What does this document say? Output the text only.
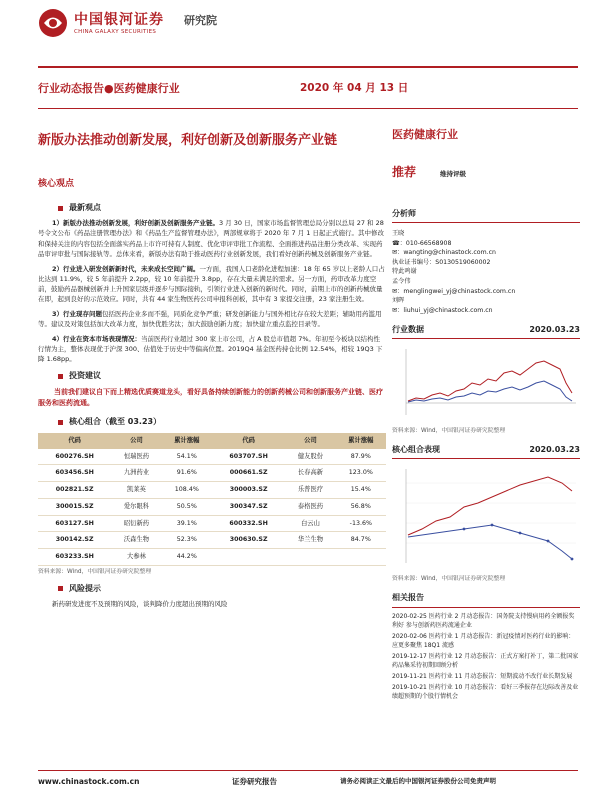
中国银河证券
CHINA GALAXY SECURITIES
研究院
行业动态报告●医药健康行业	2020 年 04 月 13 日
新版办法推动创新发展，利好创新及创新服务产业链
核心观点
最新观点
1）新版办法推动创新发展，利好创新及创新服务产业链。3 月 30 日，国家市场监督管理总局分别以总局 27 和 28 号令文公布《药品注册管理办法》和《药品生产监督管理办法》，两部规章将于 2020 年 7 月 1 日起正式施行。其中修改和保持关注的内容包括全面落实药品上市许可持有人制度、优化审评审批工作流程、全面推进药品注册分类改革、实现药品审评审批与国际接轨等。总体来看，新版办法有助于推动医药行业创新发展，我们看好创新药械及创新服务产业链。
2）行业进入研发创新新时代，未来成长空间广阔。一方面，我国人口老龄化进程加速：18 年 65 岁以上老龄人口占比达到 11.9%，较 5 年前提升 2.2pp，较 10 年前提升 3.8pp，存在大量未满足的需求。另一方面，药审改革力度空前，鼓励药品器械创新并上升国家层级并逐步与国际接轨，引领行业进入创新的新时代。同时，前期上市的创新药械放量在即，起到良好的示范效应。同时，共有 44 家生物医药公司申报科创板，其中有 3 家提交注册，23 家注册生效。
3）行业现存问题包括医药企业多而不强，同质化竞争严重；研发创新能力与国外相比存在较大差距；辅助用药滥用等。建议及对策包括加大改革力度，加快优胜劣汰；加大鼓励创新力度；加快建立重点监控目录等。
4）行业在资本市场表现情况：当前医药行业超过 300 家上市公司，占 A 股总市值超 7%。年初至今板块以结构性行情为主，整体表现优于沪深 300、估值处于历史中等偏高位置。2019Q4 基金医药持仓比例 12.54%，相较 19Q3 下降 1.68pp。
投资建议
当前我们建议自下而上精选优质赛道龙头，看好具备持续创新能力的创新药械公司和创新服务产业链、医疗服务和医药流通。
核心组合（截至 03.23）
代码	公司	累计涨幅	代码	公司	累计涨幅
600276.SH	恒瑞医药	54.1%	603707.SH	健友股份	87.9%
603456.SH	九洲药业	91.6%	000661.SZ	长春高新	123.0%
002821.SZ	凯莱英	108.4%	300003.SZ	乐普医疗	15.4%
300015.SZ	爱尔眼科	50.5%	300347.SZ	泰格医药	56.8%
603127.SH	昭衍新药	39.1%	600332.SH	白云山	-13.6%
300142.SZ	沃森生物	52.3%	300630.SZ	华兰生物	84.7%
603233.SH	大参林	44.2%			
资料来源：Wind，中国银河证券研究院整理
风险提示
新药研发进度不及预期的风险，谈判降价力度超出预期的风险
医药健康行业
推荐	维持评级
分析师
王晓
☎：010-66568908
✉：wangting@chinastock.com.cn
执业证书编号：S0130519060002
特此鸣谢
孟令伟
✉：menglingwei_yj@chinastock.com.cn
刘晖
✉：liuhui_yj@chinastock.com.cn
行业数据	2020.03.23
资料来源：Wind，中国银河证券研究院整理
核心组合表现	2020.03.23
资料来源：Wind，中国银河证券研究院整理
相关报告
2020-02-25 医药行业 2 月动态报告：国务院支持慢病用药全额报奖利好 参与创新药医药流通企业
2020-02-06 医药行业 1 月动态报告：新冠疫情对医药行业的影响：应更多聚焦 18Q1 流感
2019-12-17 医药行业 12 月动态报告：正式方案打补丁，第二批国家药品集采待初期回顾分析
2019-11-21 医药行业 11 月动态报告：短期波动不改行业长期发展
2019-10-21 医药行业 10 月动态报告：看好三季报存在边际改善及业绩超预期的个股行情机会
www.chinastock.com.cn	证券研究报告	请务必阅读正文最后的中国银河证券股份公司免责声明
